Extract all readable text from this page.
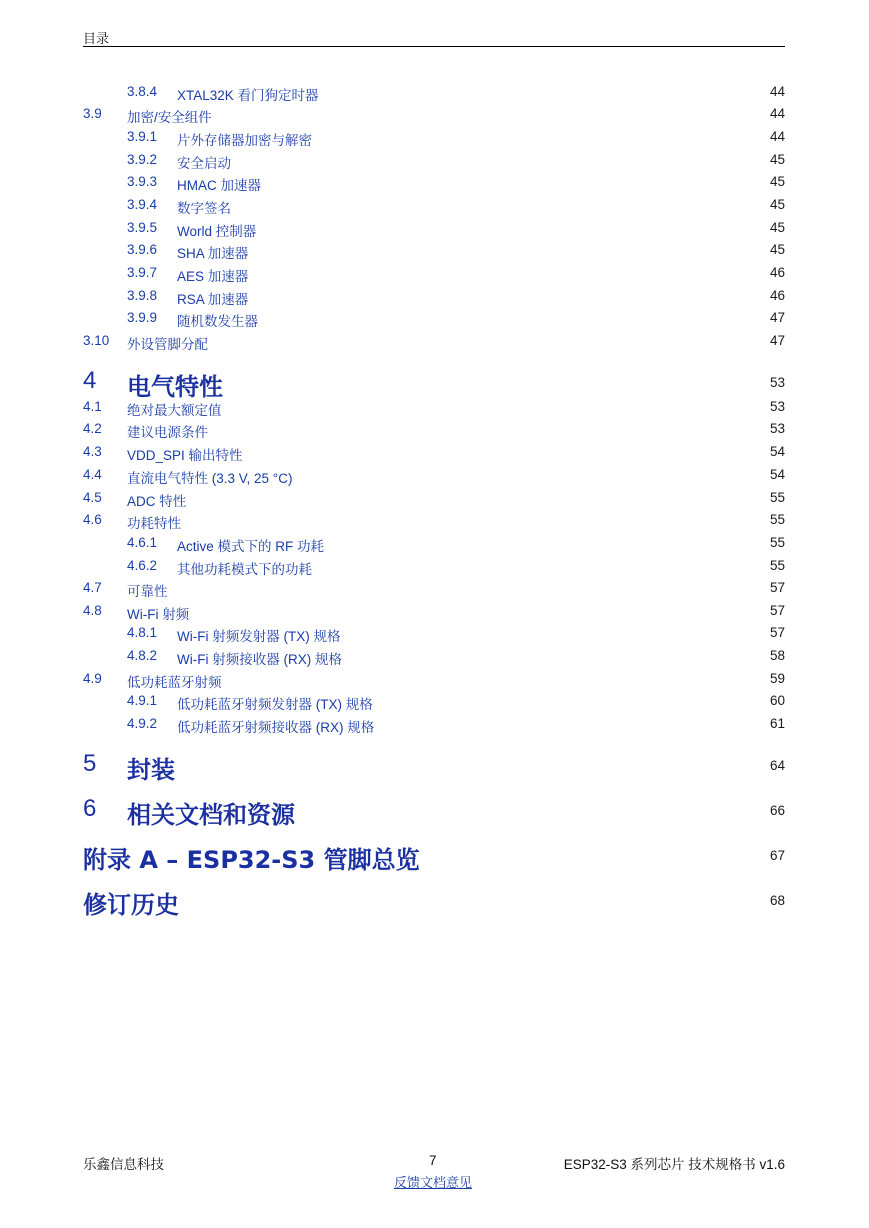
目录
3.8.4 XTAL32K 看门狗定时器	44
3.9 加密/安全组件	44
3.9.1 片外存储器加密与解密	44
3.9.2 安全启动	45
3.9.3 HMAC 加速器	45
3.9.4 数字签名	45
3.9.5 World 控制器	45
3.9.6 SHA 加速器	45
3.9.7 AES 加速器	46
3.9.8 RSA 加速器	46
3.9.9 随机数发生器	47
3.10 外设管脚分配	47
4 电气特性	53
4.1 绝对最大额定值	53
4.2 建议电源条件	53
4.3 VDD_SPI 输出特性	54
4.4 直流电气特性 (3.3 V, 25 °C)	54
4.5 ADC 特性	55
4.6 功耗特性	55
4.6.1 Active 模式下的 RF 功耗	55
4.6.2 其他功耗模式下的功耗	55
4.7 可靠性	57
4.8 Wi-Fi 射频	57
4.8.1 Wi-Fi 射频发射器 (TX) 规格	57
4.8.2 Wi-Fi 射频接收器 (RX) 规格	58
4.9 低功耗蓝牙射频	59
4.9.1 低功耗蓝牙射频发射器 (TX) 规格	60
4.9.2 低功耗蓝牙射频接收器 (RX) 规格	61
5 封装	64
6 相关文档和资源	66
附录 A – ESP32-S3 管脚总览	67
修订历史	68
乐鑫信息科技	7	ESP32-S3 系列芯片 技术规格书 v1.6
反馈文档意见
